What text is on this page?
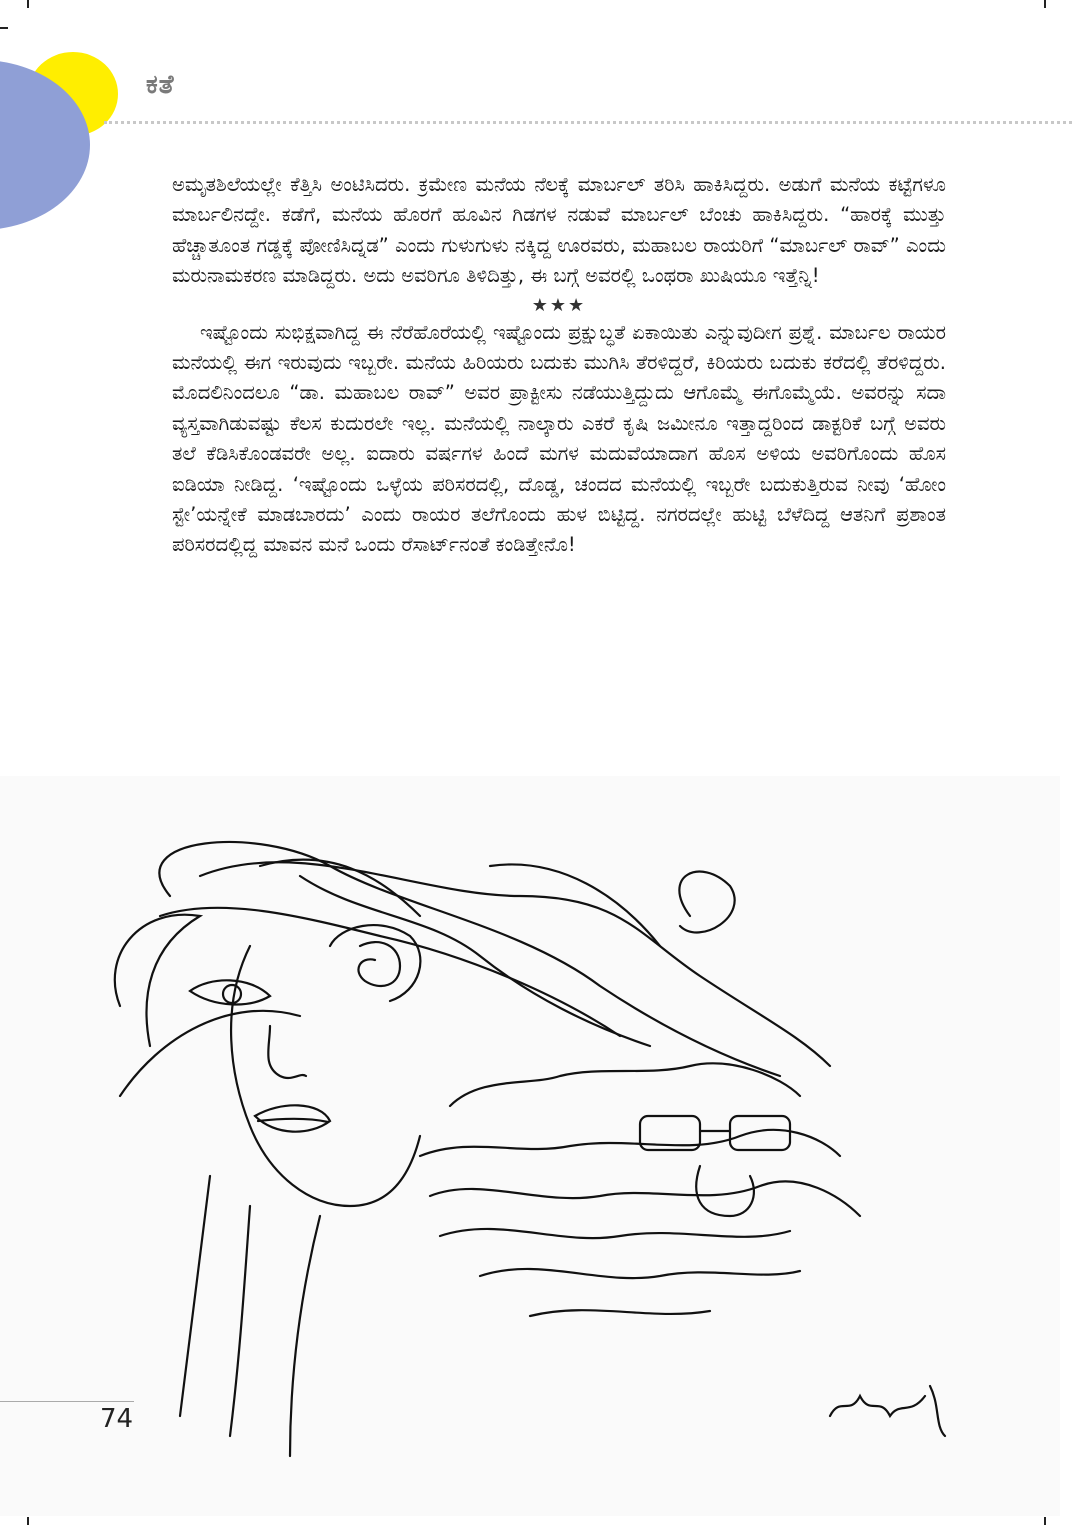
ಕತೆ

ಅಮೃತಶಿಲೆಯಲ್ಲೇ ಕೆತ್ತಿಸಿ ಅಂಟಿಸಿದರು. ಕ್ರಮೇಣ ಮನೆಯ ನೆಲಕ್ಕೆ ಮಾರ್ಬಲ್ ತರಿಸಿ ಹಾಕಿಸಿದ್ದರು. ಅಡುಗೆ ಮನೆಯ ಕಟ್ಟೆಗಳೂ ಮಾರ್ಬಲಿನದ್ದೇ. ಕಡೆಗೆ, ಮನೆಯ ಹೊರಗೆ ಹೂವಿನ ಗಿಡಗಳ ನಡುವೆ ಮಾರ್ಬಲ್ ಬೆಂಚು ಹಾಕಿಸಿದ್ದರು. “ಹಾರಕ್ಕೆ ಮುತ್ತು ಹೆಚ್ಚಾತೂಂತ ಗಡ್ಡಕ್ಕೆ ಪೋಣಿಸಿದ್ನಡ” ಎಂದು ಗುಳುಗುಳು ನಕ್ಕಿದ್ದ ಊರವರು, ಮಹಾಬಲ ರಾಯರಿಗೆ “ಮಾರ್ಬಲ್ ರಾವ್” ಎಂದು ಮರುನಾಮಕರಣ ಮಾಡಿದ್ದರು. ಅದು ಅವರಿಗೂ ತಿಳಿದಿತ್ತು, ಈ ಬಗ್ಗೆ ಅವರಲ್ಲಿ ಒಂಥರಾ ಖುಷಿಯೂ ಇತ್ತೆನ್ನಿ!

★★★

ಇಷ್ಟೊಂದು ಸುಭಿಕ್ಷವಾಗಿದ್ದ ಈ ನೆರೆಹೊರೆಯಲ್ಲಿ ಇಷ್ಟೊಂದು ಪ್ರಕ್ಷುಬ್ಧತೆ ಏಕಾಯಿತು ಎನ್ನುವುದೀಗ ಪ್ರಶ್ನೆ. ಮಾರ್ಬಲ ರಾಯರ ಮನೆಯಲ್ಲಿ ಈಗ ಇರುವುದು ಇಬ್ಬರೇ. ಮನೆಯ ಹಿರಿಯರು ಬದುಕು ಮುಗಿಸಿ ತೆರಳಿದ್ದರೆ, ಕಿರಿಯರು ಬದುಕು ಕರೆದಲ್ಲಿ ತೆರಳಿದ್ದರು. ಮೊದಲಿನಿಂದಲೂ “ಡಾ. ಮಹಾಬಲ ರಾವ್” ಅವರ ಪ್ರಾಕ್ಟೀಸು ನಡೆಯುತ್ತಿದ್ದುದು ಆಗೊಮ್ಮೆ ಈಗೊಮ್ಮೆಯೆ. ಅವರನ್ನು ಸದಾ ವ್ಯಸ್ತವಾಗಿಡುವಷ್ಟು ಕೆಲಸ ಕುದುರಲೇ ಇಲ್ಲ. ಮನೆಯಲ್ಲಿ ನಾಲ್ಕಾರು ಎಕರೆ ಕೃಷಿ ಜಮೀನೂ ಇತ್ತಾದ್ದರಿಂದ ಡಾಕ್ಟರಿಕೆ ಬಗ್ಗೆ ಅವರು ತಲೆ ಕೆಡಿಸಿಕೊಂಡವರೇ ಅಲ್ಲ. ಐದಾರು ವರ್ಷಗಳ ಹಿಂದೆ ಮಗಳ ಮದುವೆಯಾದಾಗ ಹೊಸ ಅಳಿಯ ಅವರಿಗೊಂದು ಹೊಸ ಐಡಿಯಾ ನೀಡಿದ್ದ. ‘ಇಷ್ಟೊಂದು ಒಳ್ಳೆಯ ಪರಿಸರದಲ್ಲಿ, ದೊಡ್ಡ, ಚಂದದ ಮನೆಯಲ್ಲಿ ಇಬ್ಬರೇ ಬದುಕುತ್ತಿರುವ ನೀವು ‘ಹೋಂ ಸ್ಟೇ’ಯನ್ನೇಕೆ ಮಾಡಬಾರದು’ ಎಂದು ರಾಯರ ತಲೆಗೊಂದು ಹುಳ ಬಿಟ್ಟಿದ್ದ. ನಗರದಲ್ಲೇ ಹುಟ್ಟಿ ಬೆಳೆದಿದ್ದ ಆತನಿಗೆ ಪ್ರಶಾಂತ ಪರಿಸರದಲ್ಲಿದ್ದ ಮಾವನ ಮನೆ ಒಂದು ರೆಸಾರ್ಟ್‌ನಂತೆ ಕಂಡಿತ್ತೇನೊ!

74
